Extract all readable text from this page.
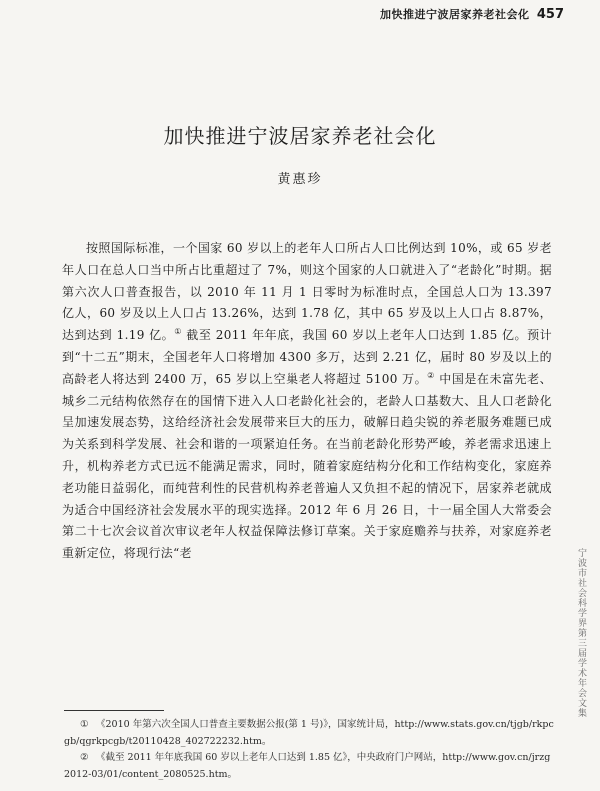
加快推进宁波居家养老社会化 457
加快推进宁波居家养老社会化
黄惠珍
按照国际标准，一个国家 60 岁以上的老年人口所占人口比例达到 10%，或 65 岁老年人口在总人口当中所占比重超过了 7%，则这个国家的人口就进入了“老龄化”时期。据第六次人口普查报告，以 2010 年 11 月 1 日零时为标准时点，全国总人口为 13.397 亿人，60 岁及以上人口占 13.26%，达到 1.78 亿，其中 65 岁及以上人口占 8.87%，达到达到 1.19 亿。① 截至 2011 年年底，我国 60 岁以上老年人口达到 1.85 亿。预计到“十二五”期末，全国老年人口将增加 4300 多万，达到 2.21 亿，届时 80 岁及以上的高龄老人将达到 2400 万，65 岁以上空巢老人将超过 5100 万。② 中国是在未富先老、城乡二元结构依然存在的国情下进入人口老龄化社会的，老龄人口基数大、且人口老龄化呈加速发展态势，这给经济社会发展带来巨大的压力，破解日趋尖锐的养老服务难题已成为关系到科学发展、社会和谐的一项紧迫任务。在当前老龄化形势严峻，养老需求迅速上升，机构养老方式已远不能满足需求，同时，随着家庭结构分化和工作结构变化，家庭养老功能日益弱化，而纯营利性的民营机构养老普遍人又负担不起的情况下，居家养老就成为适合中国经济社会发展水平的现实选择。2012 年 6 月 26 日，十一届全国人大常委会第二十七次会议首次审议老年人权益保障法修订草案。关于家庭赡养与扶养，对家庭养老重新定位，将现行法“老	宁波市社会科学界第三届学术年会文集
① 《2010 年第六次全国人口普查主要数据公报(第 1 号)》，国家统计局，http://www.stats.gov.cn/tjgb/rkpcgb/qgrkpcgb/t20110428_402722232.htm。
② 《截至 2011 年年底我国 60 岁以上老年人口达到 1.85 亿》，中央政府门户网站，http://www.gov.cn/jrzg2012-03/01/content_2080525.htm。
